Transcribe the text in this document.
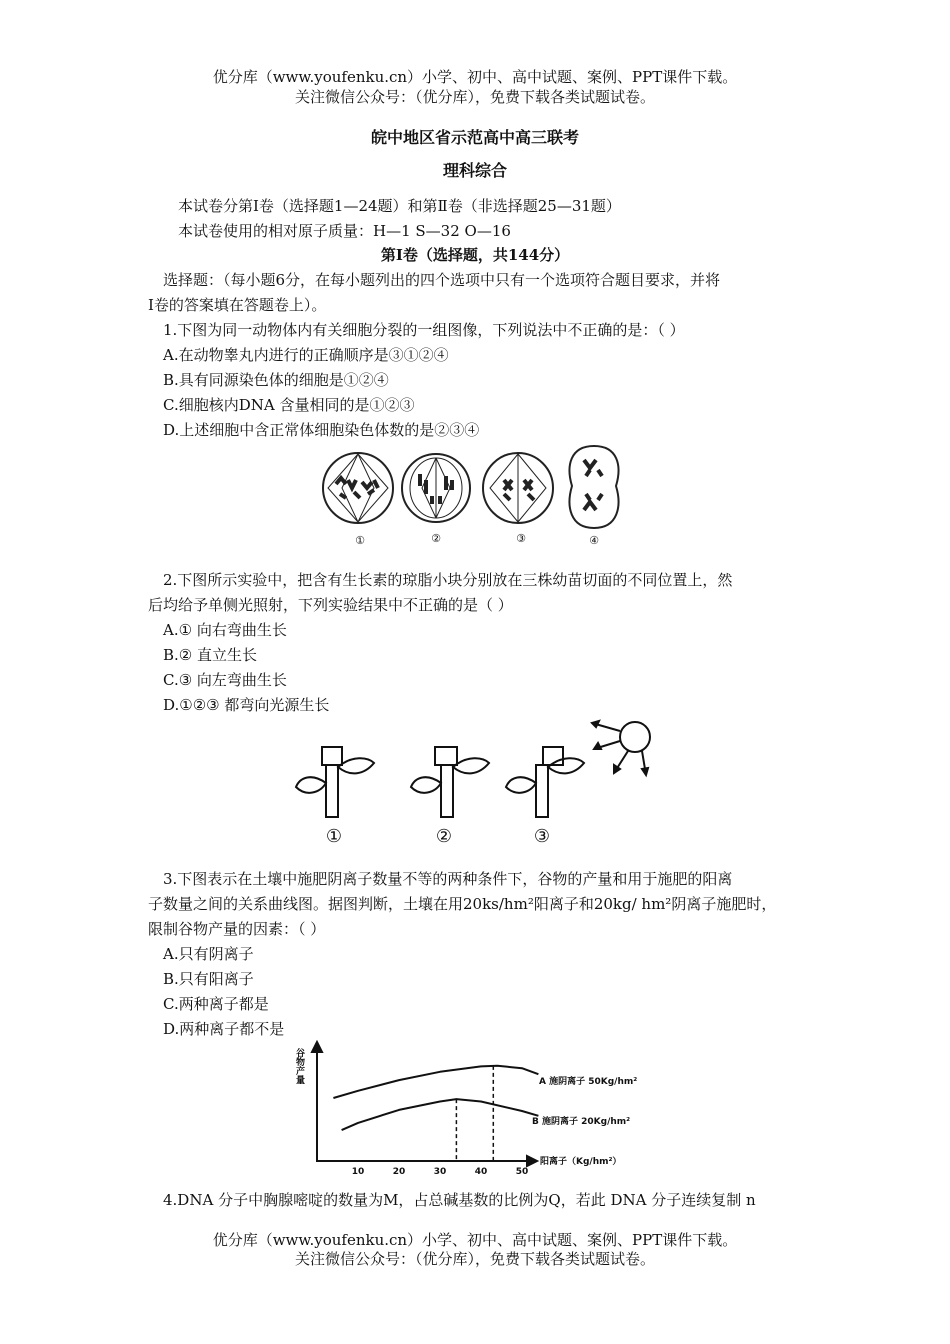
优分库（www.youfenku.cn）小学、初中、高中试题、案例、PPT课件下载。
关注微信公众号：（优分库），免费下载各类试题试卷。
皖中地区省示范高中高三联考
理科综合
本试卷分第Ⅰ卷（选择题1—24题）和第Ⅱ卷（非选择题25—31题）
本试卷使用的相对原子质量：H—1 S—32 O—16
第Ⅰ卷（选择题，共144分）
选择题：（每小题6分，在每小题列出的四个选项中只有一个选项符合题目要求，并将
Ⅰ卷的答案填在答题卷上）。
1.下图为同一动物体内有关细胞分裂的一组图像，下列说法中不正确的是：（ ）
A.在动物睾丸内进行的正确顺序是③①②④
B.具有同源染色体的细胞是①②④
C.细胞核内DNA 含量相同的是①②③
D.上述细胞中含正常体细胞染色体数的是②③④
①	②	③	④
2.下图所示实验中，把含有生长素的琼脂小块分别放在三株幼苗切面的不同位置上，然
后均给予单侧光照射，下列实验结果中不正确的是（ ）
A.① 向右弯曲生长
B.② 直立生长
C.③ 向左弯曲生长
D.①②③ 都弯向光源生长
①	②	③
3.下图表示在土壤中施肥阴离子数量不等的两种条件下，谷物的产量和用于施肥的阳离
子数量之间的关系曲线图。据图判断，土壤在用20ks/hm²阳离子和20kg/ hm²阴离子施肥时，
限制谷物产量的因素：（ ）
A.只有阴离子
B.只有阳离子
C.两种离子都是
D.两种离子都不是
谷物产量
阳离子（Kg/hm²）
A 施阴离子 50Kg/hm²
B 施阴离子 20Kg/hm²
10	20	30	40	50
4.DNA 分子中胸腺嘧啶的数量为M，占总碱基数的比例为Q，若此 DNA 分子连续复制 n
优分库（www.youfenku.cn）小学、初中、高中试题、案例、PPT课件下载。
关注微信公众号：（优分库），免费下载各类试题试卷。
